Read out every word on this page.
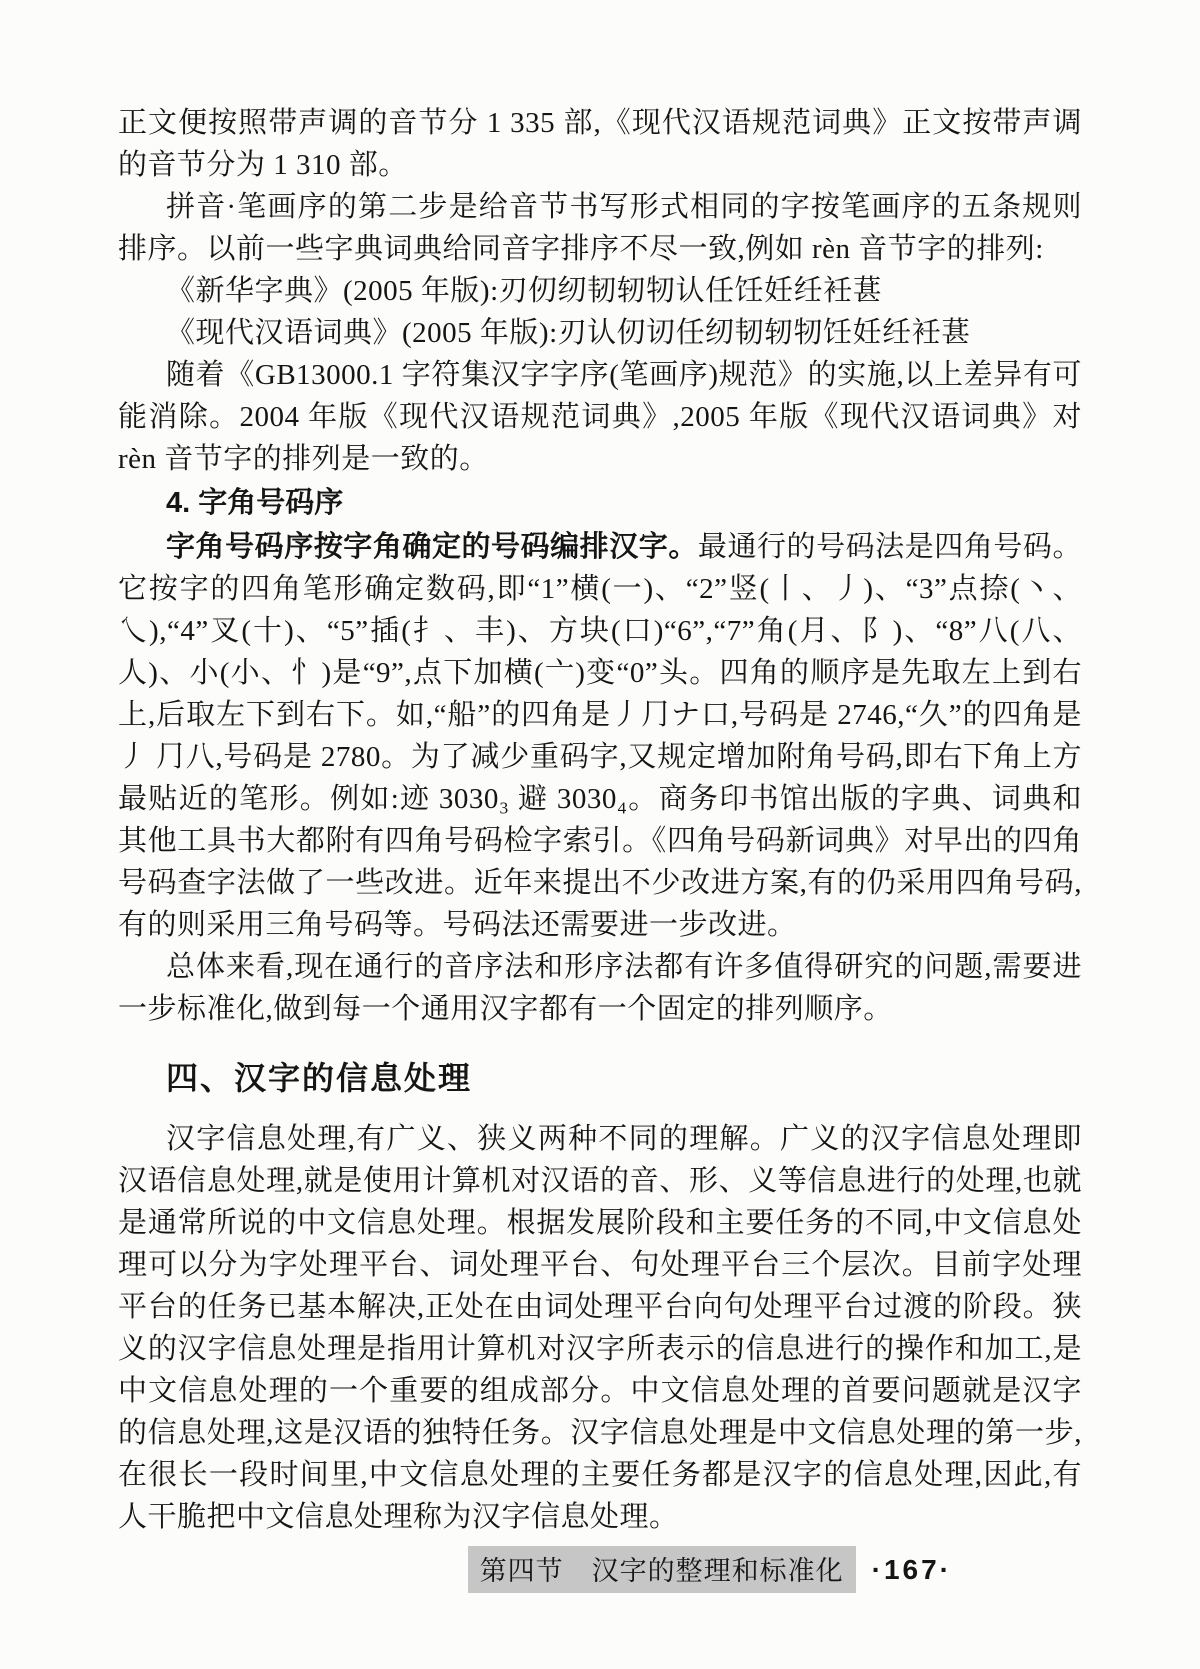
正文便按照带声调的音节分 1 335 部,《现代汉语规范词典》正文按带声调的音节分为 1 310 部。

拼音·笔画序的第二步是给音节书写形式相同的字按笔画序的五条规则排序。以前一些字典词典给同音字排序不尽一致,例如 rèn 音节字的排列:

《新华字典》(2005 年版):刃仞纫韧轫牣认任饪妊纴衽葚

《现代汉语词典》(2005 年版):刃认仞讱任纫韧轫牣饪妊纴衽葚

随着《GB13000.1 字符集汉字字序(笔画序)规范》的实施,以上差异有可能消除。2004 年版《现代汉语规范词典》,2005 年版《现代汉语词典》对 rèn 音节字的排列是一致的。

4. 字角号码序

字角号码序按字角确定的号码编排汉字。最通行的号码法是四角号码。它按字的四角笔形确定数码,即“1”横(一)、“2”竖(丨、丿)、“3”点捺(丶、乀),“4”叉(十)、“5”插(扌、丰)、方块(口)“6”,“7”角(月、阝)、“8”八(八、人)、小(小、忄)是“9”,点下加横(亠)变“0”头。四角的顺序是先取左上到右上,后取左下到右下。如,“船”的四角是丿⺆ナ口,号码是 2746,“久”的四角是丿 ⺆八,号码是 2780。为了减少重码字,又规定增加附角号码,即右下角上方最贴近的笔形。例如:迹 3030₃ 避 3030₄。商务印书馆出版的字典、词典和其他工具书大都附有四角号码检字索引。《四角号码新词典》对早出的四角号码查字法做了一些改进。近年来提出不少改进方案,有的仍采用四角号码,有的则采用三角号码等。号码法还需要进一步改进。

总体来看,现在通行的音序法和形序法都有许多值得研究的问题,需要进一步标准化,做到每一个通用汉字都有一个固定的排列顺序。

四、汉字的信息处理

汉字信息处理,有广义、狭义两种不同的理解。广义的汉字信息处理即汉语信息处理,就是使用计算机对汉语的音、形、义等信息进行的处理,也就是通常所说的中文信息处理。根据发展阶段和主要任务的不同,中文信息处理可以分为字处理平台、词处理平台、句处理平台三个层次。目前字处理平台的任务已基本解决,正处在由词处理平台向句处理平台过渡的阶段。狭义的汉字信息处理是指用计算机对汉字所表示的信息进行的操作和加工,是中文信息处理的一个重要的组成部分。中文信息处理的首要问题就是汉字的信息处理,这是汉语的独特任务。汉字信息处理是中文信息处理的第一步,在很长一段时间里,中文信息处理的主要任务都是汉字的信息处理,因此,有人干脆把中文信息处理称为汉字信息处理。

第四节　汉字的整理和标准化	·167·
